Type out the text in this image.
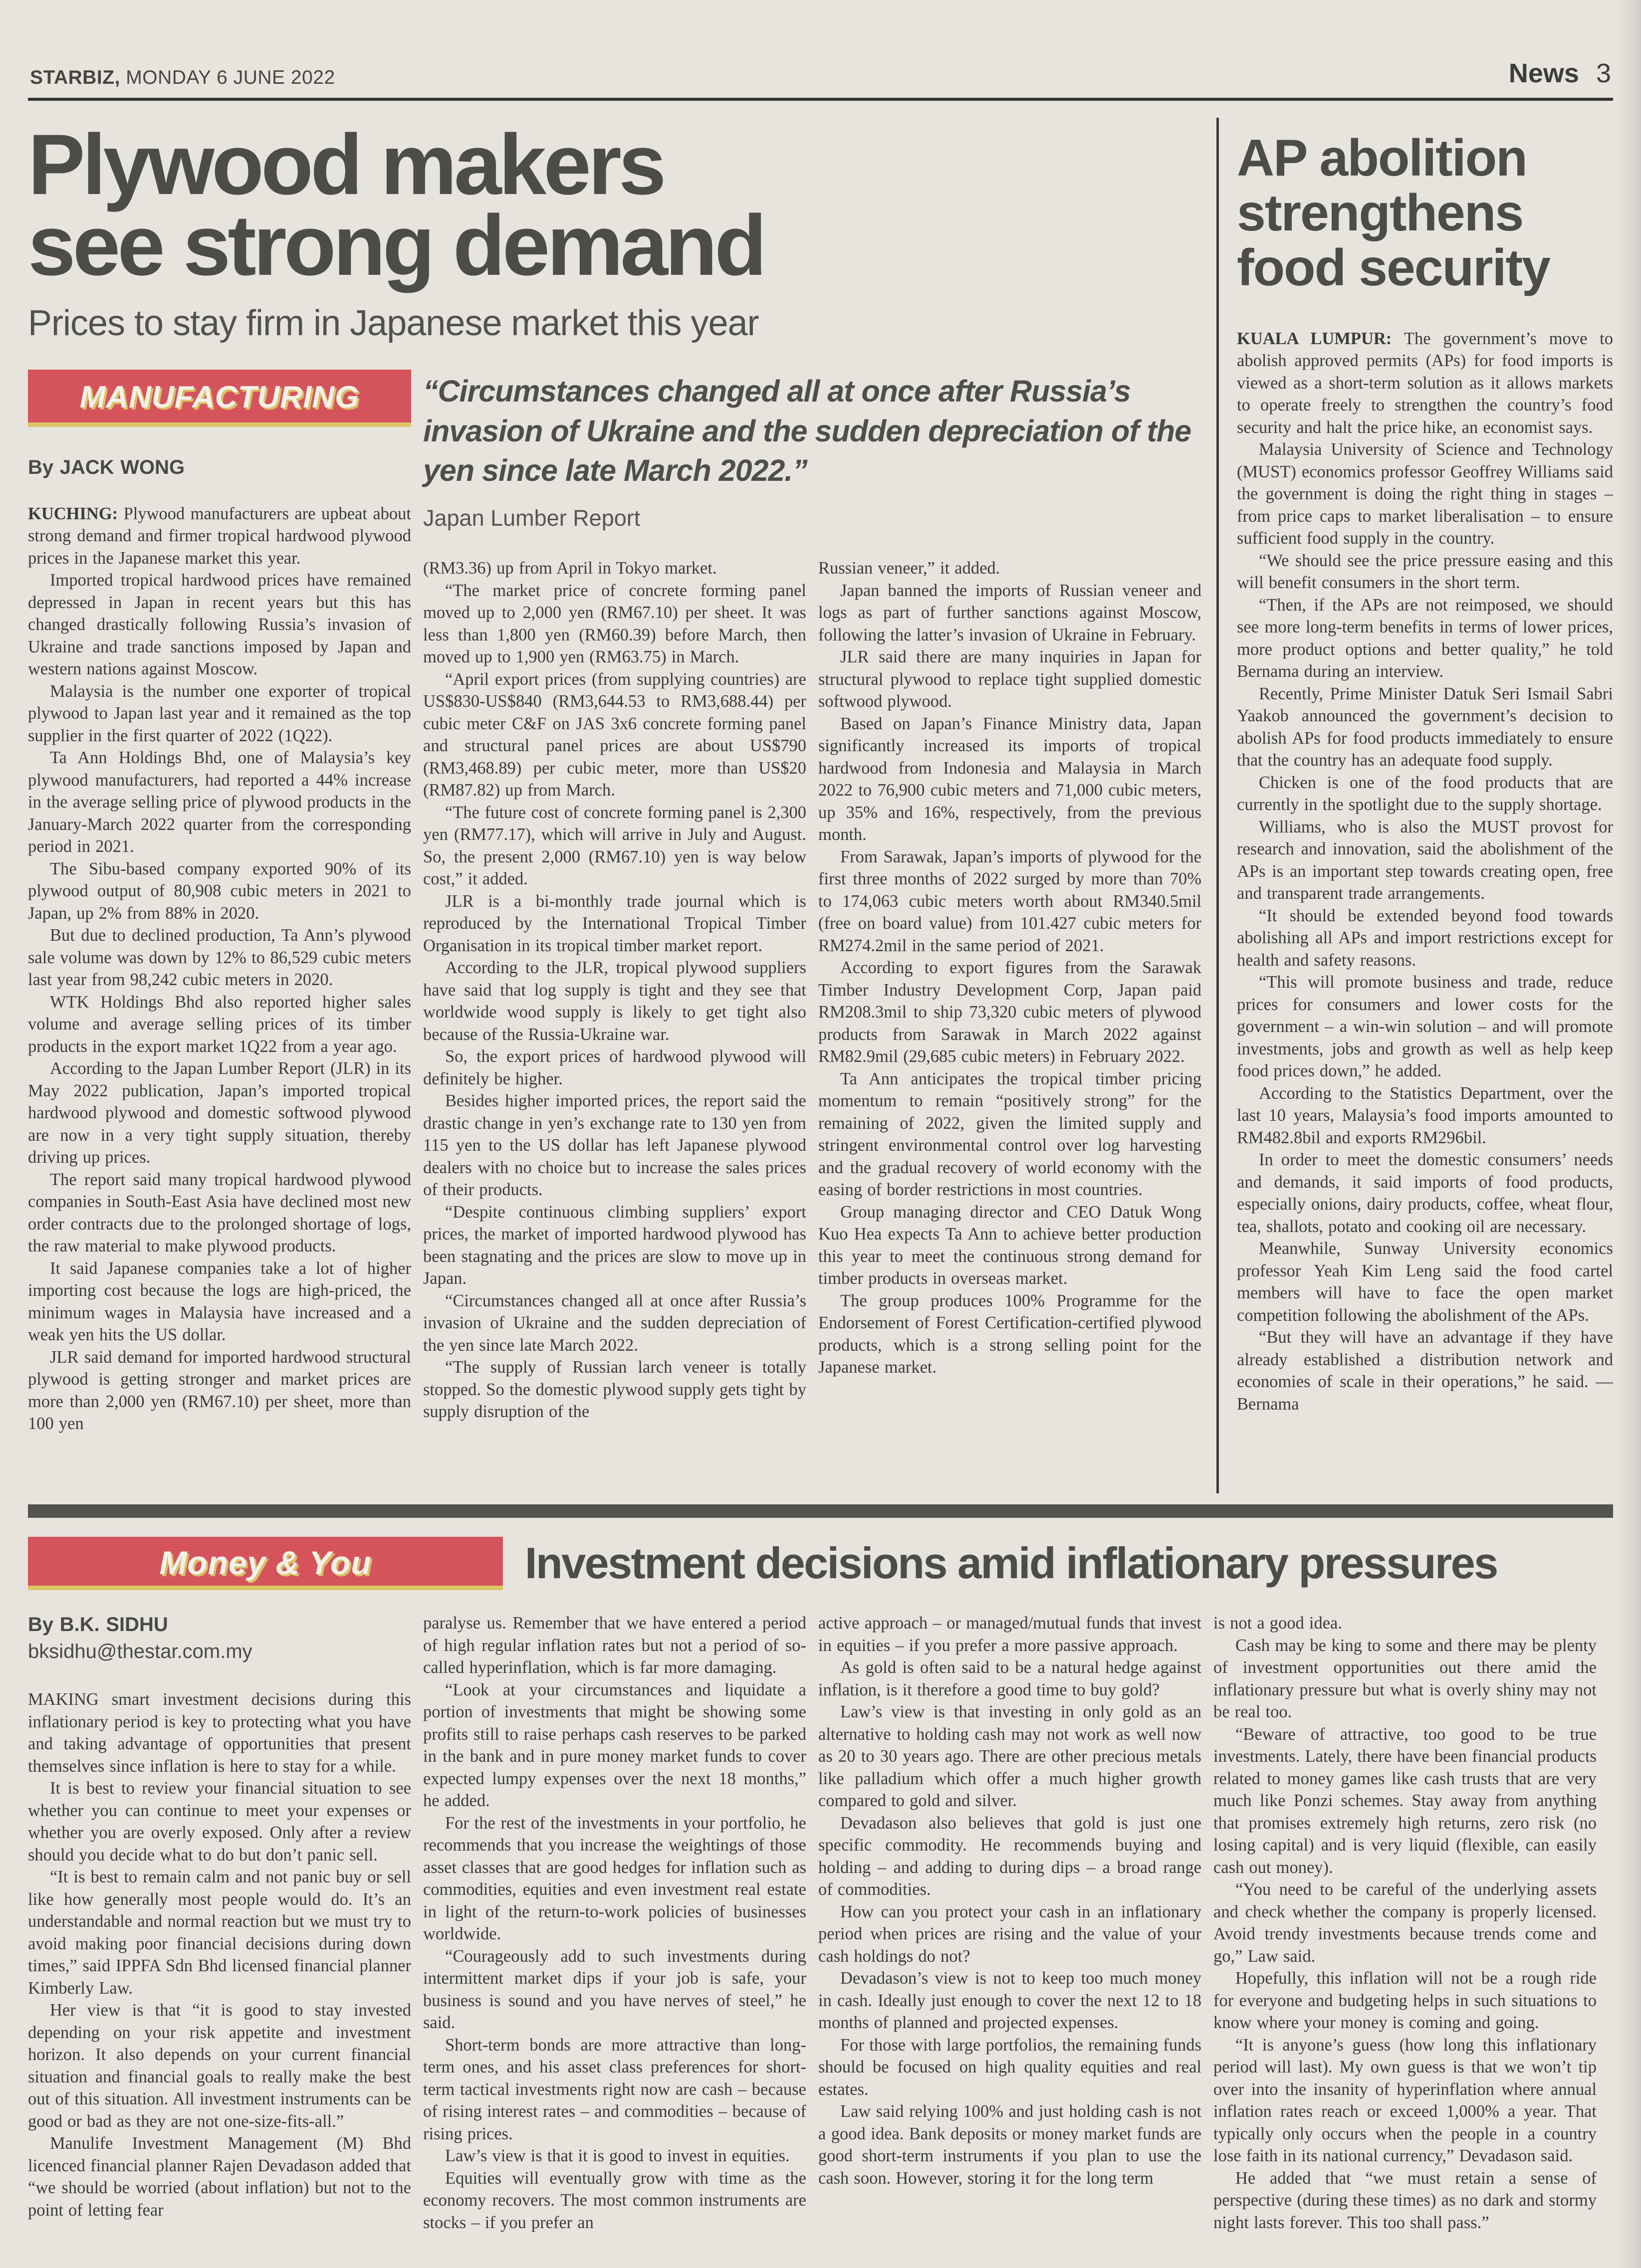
STARBIZ, MONDAY 6 JUNE 2022	News 3
Plywood makers
see strong demand
Prices to stay firm in Japanese market this year
MANUFACTURING
By JACK WONG

KUCHING: Plywood manufacturers are upbeat about strong demand and firmer tropical hardwood plywood prices in the Japanese market this year.

Imported tropical hardwood prices have remained depressed in Japan in recent years but this has changed drastically following Russia’s invasion of Ukraine and trade sanctions imposed by Japan and western nations against Moscow.

Malaysia is the number one exporter of tropical plywood to Japan last year and it remained as the top supplier in the first quarter of 2022 (1Q22).

Ta Ann Holdings Bhd, one of Malaysia’s key plywood manufacturers, had reported a 44% increase in the average selling price of plywood products in the January-March 2022 quarter from the corresponding period in 2021.

The Sibu-based company exported 90% of its plywood output of 80,908 cubic meters in 2021 to Japan, up 2% from 88% in 2020.

But due to declined production, Ta Ann’s plywood sale volume was down by 12% to 86,529 cubic meters last year from 98,242 cubic meters in 2020.

WTK Holdings Bhd also reported higher sales volume and average selling prices of its timber products in the export market 1Q22 from a year ago.

According to the Japan Lumber Report (JLR) in its May 2022 publication, Japan’s imported tropical hardwood plywood and domestic softwood plywood are now in a very tight supply situation, thereby driving up prices.

The report said many tropical hardwood plywood companies in South-East Asia have declined most new order contracts due to the prolonged shortage of logs, the raw material to make plywood products.

It said Japanese companies take a lot of higher importing cost because the logs are high-priced, the minimum wages in Malaysia have increased and a weak yen hits the US dollar.

JLR said demand for imported hardwood structural plywood is getting stronger and market prices are more than 2,000 yen (RM67.10) per sheet, more than 100 yen

“Circumstances changed all at once after Russia’s invasion of Ukraine and the sudden depreciation of the yen since late March 2022.”
Japan Lumber Report

(RM3.36) up from April in Tokyo market.

“The market price of concrete forming panel moved up to 2,000 yen (RM67.10) per sheet. It was less than 1,800 yen (RM60.39) before March, then moved up to 1,900 yen (RM63.75) in March.

“April export prices (from supplying countries) are US$830-US$840 (RM3,644.53 to RM3,688.44) per cubic meter C&F on JAS 3x6 concrete forming panel and structural panel prices are about US$790 (RM3,468.89) per cubic meter, more than US$20 (RM87.82) up from March.

“The future cost of concrete forming panel is 2,300 yen (RM77.17), which will arrive in July and August. So, the present 2,000 (RM67.10) yen is way below cost,” it added.

JLR is a bi-monthly trade journal which is reproduced by the International Tropical Timber Organisation in its tropical timber market report.

According to the JLR, tropical plywood suppliers have said that log supply is tight and they see that worldwide wood supply is likely to get tight also because of the Russia-Ukraine war.

So, the export prices of hardwood plywood will definitely be higher.

Besides higher imported prices, the report said the drastic change in yen’s exchange rate to 130 yen from 115 yen to the US dollar has left Japanese plywood dealers with no choice but to increase the sales prices of their products.

“Despite continuous climbing suppliers’ export prices, the market of imported hardwood plywood has been stagnating and the prices are slow to move up in Japan.

“Circumstances changed all at once after Russia’s invasion of Ukraine and the sudden depreciation of the yen since late March 2022.

“The supply of Russian larch veneer is totally stopped. So the domestic plywood supply gets tight by supply disruption of the

Russian veneer,” it added.

Japan banned the imports of Russian veneer and logs as part of further sanctions against Moscow, following the latter’s invasion of Ukraine in February.

JLR said there are many inquiries in Japan for structural plywood to replace tight supplied domestic softwood plywood.

Based on Japan’s Finance Ministry data, Japan significantly increased its imports of tropical hardwood from Indonesia and Malaysia in March 2022 to 76,900 cubic meters and 71,000 cubic meters, up 35% and 16%, respectively, from the previous month.

From Sarawak, Japan’s imports of plywood for the first three months of 2022 surged by more than 70% to 174,063 cubic meters worth about RM340.5mil (free on board value) from 101.427 cubic meters for RM274.2mil in the same period of 2021.

According to export figures from the Sarawak Timber Industry Development Corp, Japan paid RM208.3mil to ship 73,320 cubic meters of plywood products from Sarawak in March 2022 against RM82.9mil (29,685 cubic meters) in February 2022.

Ta Ann anticipates the tropical timber pricing momentum to remain “positively strong” for the remaining of 2022, given the limited supply and stringent environmental control over log harvesting and the gradual recovery of world economy with the easing of border restrictions in most countries.

Group managing director and CEO Datuk Wong Kuo Hea expects Ta Ann to achieve better production this year to meet the continuous strong demand for timber products in overseas market.

The group produces 100% Programme for the Endorsement of Forest Certification-certified plywood products, which is a strong selling point for the Japanese market.

AP abolition strengthens food security

KUALA LUMPUR: The government’s move to abolish approved permits (APs) for food imports is viewed as a short-term solution as it allows markets to operate freely to strengthen the country’s food security and halt the price hike, an economist says.

Malaysia University of Science and Technology (MUST) economics professor Geoffrey Williams said the government is doing the right thing in stages – from price caps to market liberalisation – to ensure sufficient food supply in the country.

“We should see the price pressure easing and this will benefit consumers in the short term.

“Then, if the APs are not reimposed, we should see more long-term benefits in terms of lower prices, more product options and better quality,” he told Bernama during an interview.

Recently, Prime Minister Datuk Seri Ismail Sabri Yaakob announced the government’s decision to abolish APs for food products immediately to ensure that the country has an adequate food supply.

Chicken is one of the food products that are currently in the spotlight due to the supply shortage.

Williams, who is also the MUST provost for research and innovation, said the abolishment of the APs is an important step towards creating open, free and transparent trade arrangements.

“It should be extended beyond food towards abolishing all APs and import restrictions except for health and safety reasons.

“This will promote business and trade, reduce prices for consumers and lower costs for the government – a win-win solution – and will promote investments, jobs and growth as well as help keep food prices down,” he added.

According to the Statistics Department, over the last 10 years, Malaysia’s food imports amounted to RM482.8bil and exports RM296bil.

In order to meet the domestic consumers’ needs and demands, it said imports of food products, especially onions, dairy products, coffee, wheat flour, tea, shallots, potato and cooking oil are necessary.

Meanwhile, Sunway University economics professor Yeah Kim Leng said the food cartel members will have to face the open market competition following the abolishment of the APs.

“But they will have an advantage if they have already established a distribution network and economies of scale in their operations,” he said. — Bernama

Money & You	Investment decisions amid inflationary pressures
By B.K. SIDHU
bksidhu@thestar.com.my

MAKING smart investment decisions during this inflationary period is key to protecting what you have and taking advantage of opportunities that present themselves since inflation is here to stay for a while.

It is best to review your financial situation to see whether you can continue to meet your expenses or whether you are overly exposed. Only after a review should you decide what to do but don’t panic sell.

“It is best to remain calm and not panic buy or sell like how generally most people would do. It’s an understandable and normal reaction but we must try to avoid making poor financial decisions during down times,” said IPPFA Sdn Bhd licensed financial planner Kimberly Law.

Her view is that “it is good to stay invested depending on your risk appetite and investment horizon. It also depends on your current financial situation and financial goals to really make the best out of this situation. All investment instruments can be good or bad as they are not one-size-fits-all.”

Manulife Investment Management (M) Bhd licenced financial planner Rajen Devadason added that “we should be worried (about inflation) but not to the point of letting fear

paralyse us. Remember that we have entered a period of high regular inflation rates but not a period of so-called hyperinflation, which is far more damaging.

“Look at your circumstances and liquidate a portion of investments that might be showing some profits still to raise perhaps cash reserves to be parked in the bank and in pure money market funds to cover expected lumpy expenses over the next 18 months,” he added.

For the rest of the investments in your portfolio, he recommends that you increase the weightings of those asset classes that are good hedges for inflation such as commodities, equities and even investment real estate in light of the return-to-work policies of businesses worldwide.

“Courageously add to such investments during intermittent market dips if your job is safe, your business is sound and you have nerves of steel,” he said.

Short-term bonds are more attractive than long-term ones, and his asset class preferences for short-term tactical investments right now are cash – because of rising interest rates – and commodities – because of rising prices.

Law’s view is that it is good to invest in equities.

Equities will eventually grow with time as the economy recovers. The most common instruments are stocks – if you prefer an

active approach – or managed/mutual funds that invest in equities – if you prefer a more passive approach.

As gold is often said to be a natural hedge against inflation, is it therefore a good time to buy gold?

Law’s view is that investing in only gold as an alternative to holding cash may not work as well now as 20 to 30 years ago. There are other precious metals like palladium which offer a much higher growth compared to gold and silver.

Devadason also believes that gold is just one specific commodity. He recommends buying and holding – and adding to during dips – a broad range of commodities.

How can you protect your cash in an inflationary period when prices are rising and the value of your cash holdings do not?

Devadason’s view is not to keep too much money in cash. Ideally just enough to cover the next 12 to 18 months of planned and projected expenses.

For those with large portfolios, the remaining funds should be focused on high quality equities and real estates.

Law said relying 100% and just holding cash is not a good idea. Bank deposits or money market funds are good short-term instruments if you plan to use the cash soon. However, storing it for the long term

is not a good idea.

Cash may be king to some and there may be plenty of investment opportunities out there amid the inflationary pressure but what is overly shiny may not be real too.

“Beware of attractive, too good to be true investments. Lately, there have been financial products related to money games like cash trusts that are very much like Ponzi schemes. Stay away from anything that promises extremely high returns, zero risk (no losing capital) and is very liquid (flexible, can easily cash out money).

“You need to be careful of the underlying assets and check whether the company is properly licensed. Avoid trendy investments because trends come and go,” Law said.

Hopefully, this inflation will not be a rough ride for everyone and budgeting helps in such situations to know where your money is coming and going.

“It is anyone’s guess (how long this inflationary period will last). My own guess is that we won’t tip over into the insanity of hyperinflation where annual inflation rates reach or exceed 1,000% a year. That typically only occurs when the people in a country lose faith in its national currency,” Devadason said.

He added that “we must retain a sense of perspective (during these times) as no dark and stormy night lasts forever. This too shall pass.”
